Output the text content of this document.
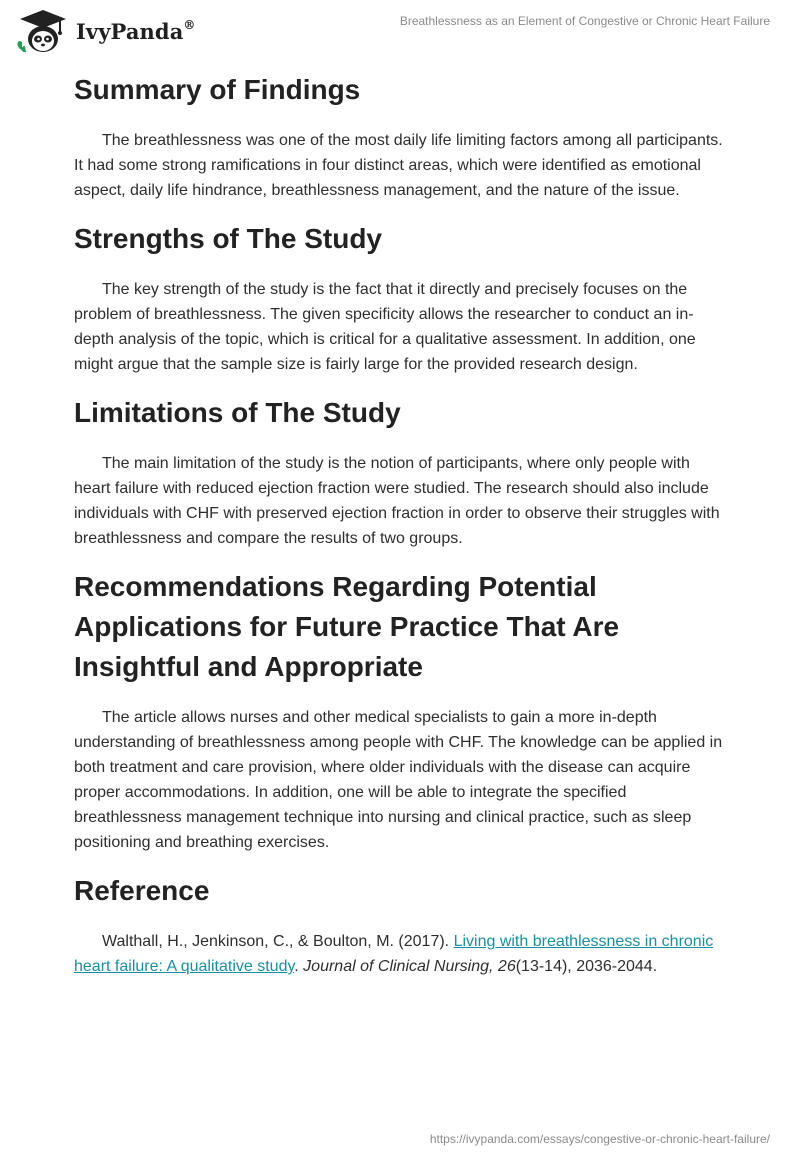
IvyPanda®	Breathlessness as an Element of Congestive or Chronic Heart Failure
Summary of Findings

The breathlessness was one of the most daily life limiting factors among all participants. It had some strong ramifications in four distinct areas, which were identified as emotional aspect, daily life hindrance, breathlessness management, and the nature of the issue.

Strengths of The Study

The key strength of the study is the fact that it directly and precisely focuses on the problem of breathlessness. The given specificity allows the researcher to conduct an in-depth analysis of the topic, which is critical for a qualitative assessment. In addition, one might argue that the sample size is fairly large for the provided research design.

Limitations of The Study

The main limitation of the study is the notion of participants, where only people with heart failure with reduced ejection fraction were studied. The research should also include individuals with CHF with preserved ejection fraction in order to observe their struggles with breathlessness and compare the results of two groups.

Recommendations Regarding Potential Applications for Future Practice That Are Insightful and Appropriate

The article allows nurses and other medical specialists to gain a more in-depth understanding of breathlessness among people with CHF. The knowledge can be applied in both treatment and care provision, where older individuals with the disease can acquire proper accommodations. In addition, one will be able to integrate the specified breathlessness management technique into nursing and clinical practice, such as sleep positioning and breathing exercises.

Reference

Walthall, H., Jenkinson, C., & Boulton, M. (2017). Living with breathlessness in chronic heart failure: A qualitative study. Journal of Clinical Nursing, 26(13-14), 2036-2044.

https://ivypanda.com/essays/congestive-or-chronic-heart-failure/
